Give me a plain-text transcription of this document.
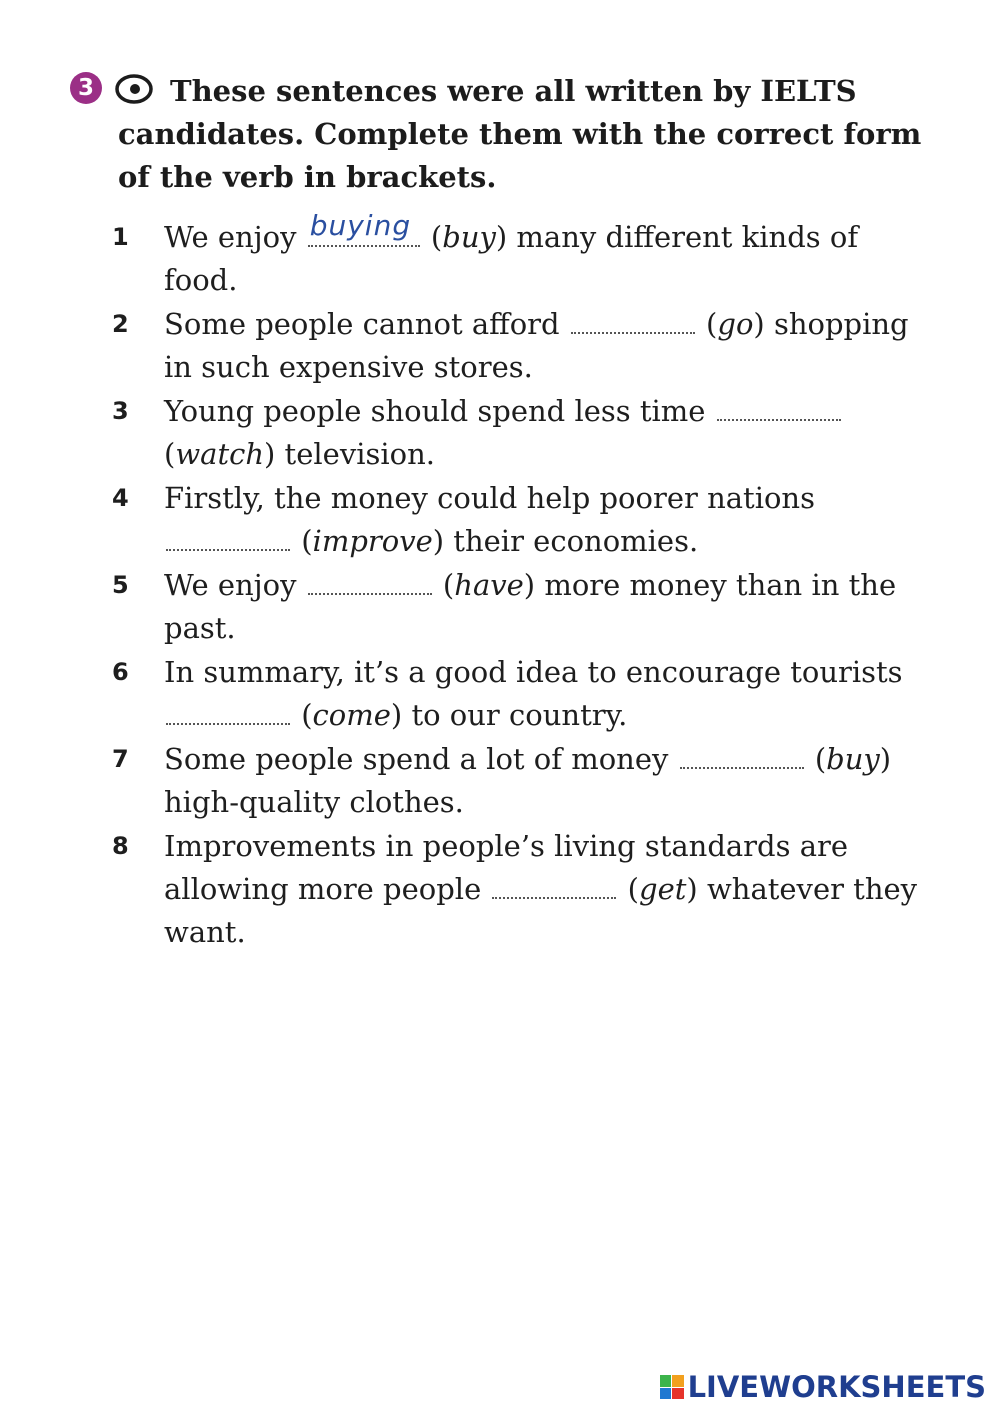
3	These sentences were all written by IELTS candidates. Complete them with the correct form of the verb in brackets.

1 We enjoy buying (buy) many different kinds of food.
2 Some people cannot afford	(go) shopping in such expensive stores.
3 Young people should spend less time  (watch) television.
4 Firstly, the money could help poorer nations  (improve) their economies.
5 We enjoy	(have) more money than in the past.
6 In summary, it’s a good idea to encourage tourists  (come) to our country.
7 Some people spend a lot of money	(buy) high-quality clothes.
8 Improvements in people’s living standards are allowing more people	(get) whatever they want.
LIVEWORKSHEETS
